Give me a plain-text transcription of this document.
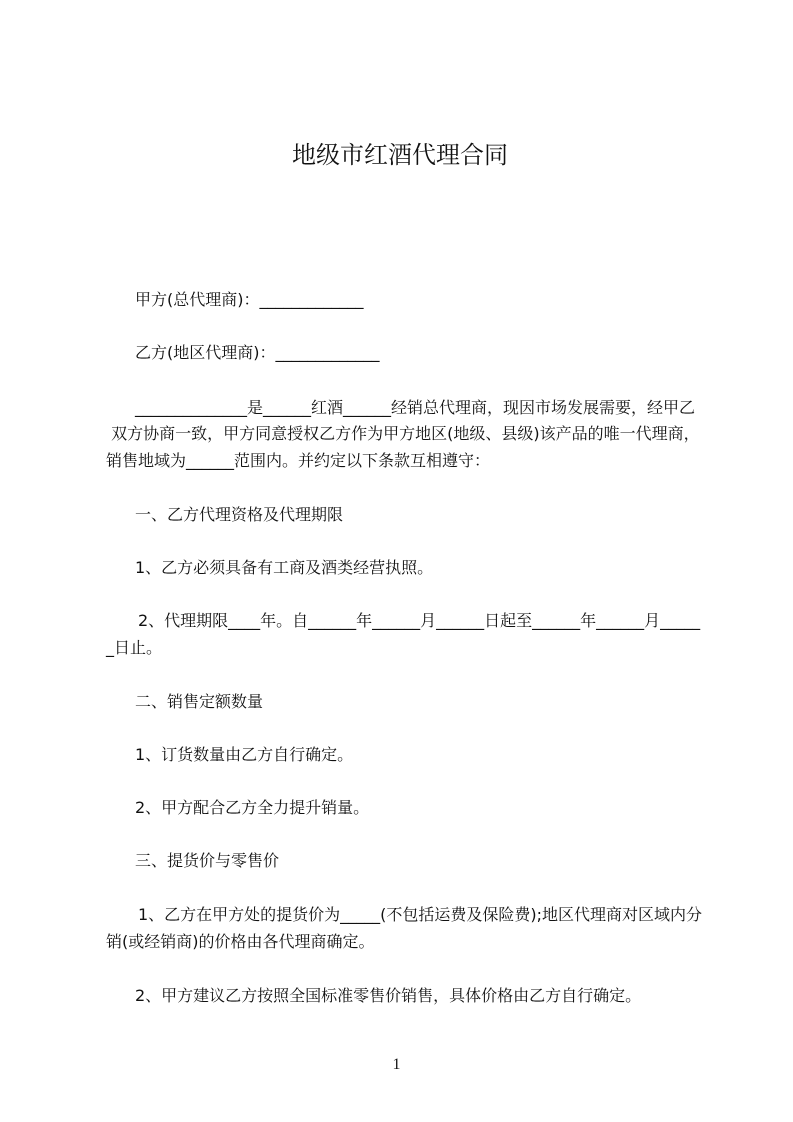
地级市红酒代理合同
甲方(总代理商)：_____________
乙方(地区代理商)：_____________
______________是______红酒______经销总代理商，现因市场发展需要，经甲乙
双方协商一致，甲方同意授权乙方作为甲方地区(地级、县级)该产品的唯一代理商，
销售地域为______范围内。并约定以下条款互相遵守：
一、乙方代理资格及代理期限
1、乙方必须具备有工商及酒类经营执照。
2、代理期限____年。自______年______月______日起至______年______月_____
_日止。
二、销售定额数量
1、订货数量由乙方自行确定。
2、甲方配合乙方全力提升销量。
三、提货价与零售价
1、乙方在甲方处的提货价为_____(不包括运费及保险费);地区代理商对区域内分
销(或经销商)的价格由各代理商确定。
2、甲方建议乙方按照全国标准零售价销售，具体价格由乙方自行确定。
1
